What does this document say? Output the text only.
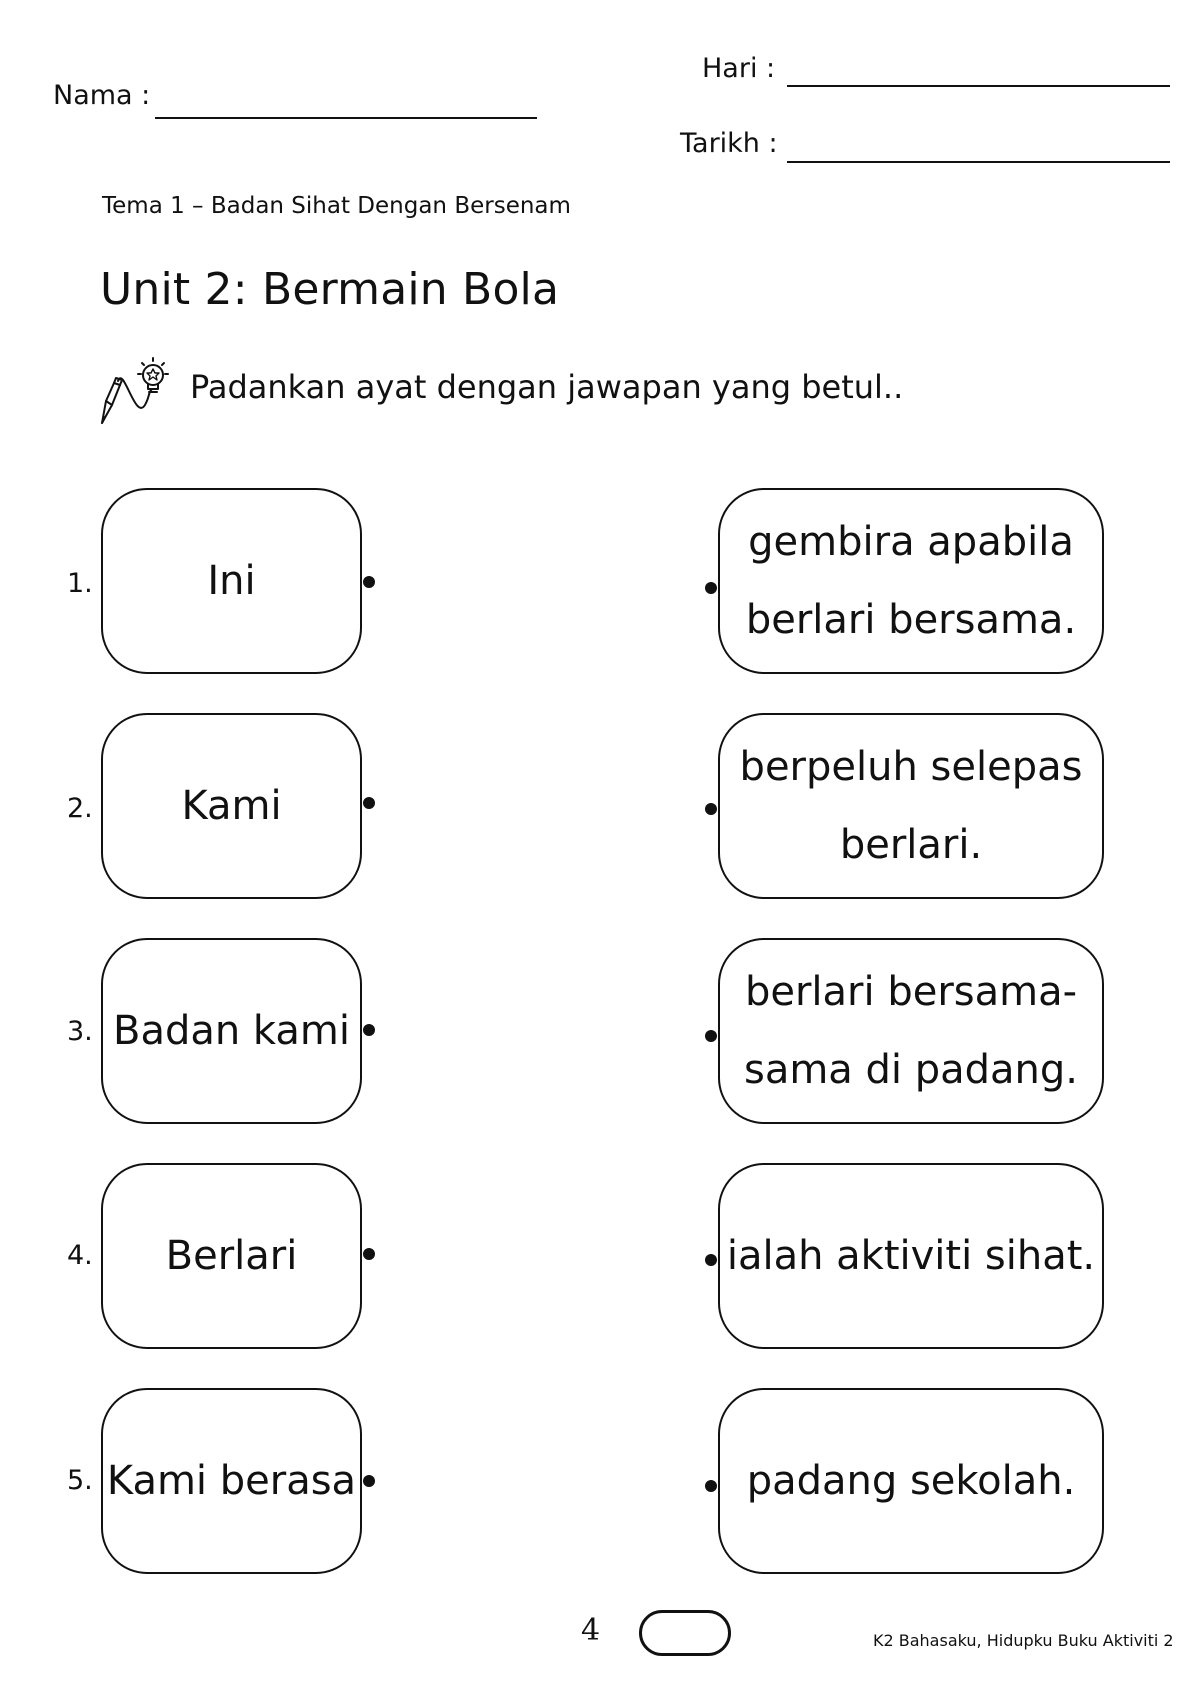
Nama :
Hari :
Tarikh :
Tema 1 – Badan Sihat Dengan Bersenam
Unit 2: Bermain Bola
Padankan ayat dengan jawapan yang betul..
1.	Ini
gembira apabila
berlari bersama.
2.	Kami
berpeluh selepas
berlari.
3. Badan kami
berlari bersama-
sama di padang.
4.	Berlari	ialah aktiviti sihat.
5. Kami berasa	padang sekolah.
4	K2 Bahasaku, Hidupku Buku Aktiviti 2
